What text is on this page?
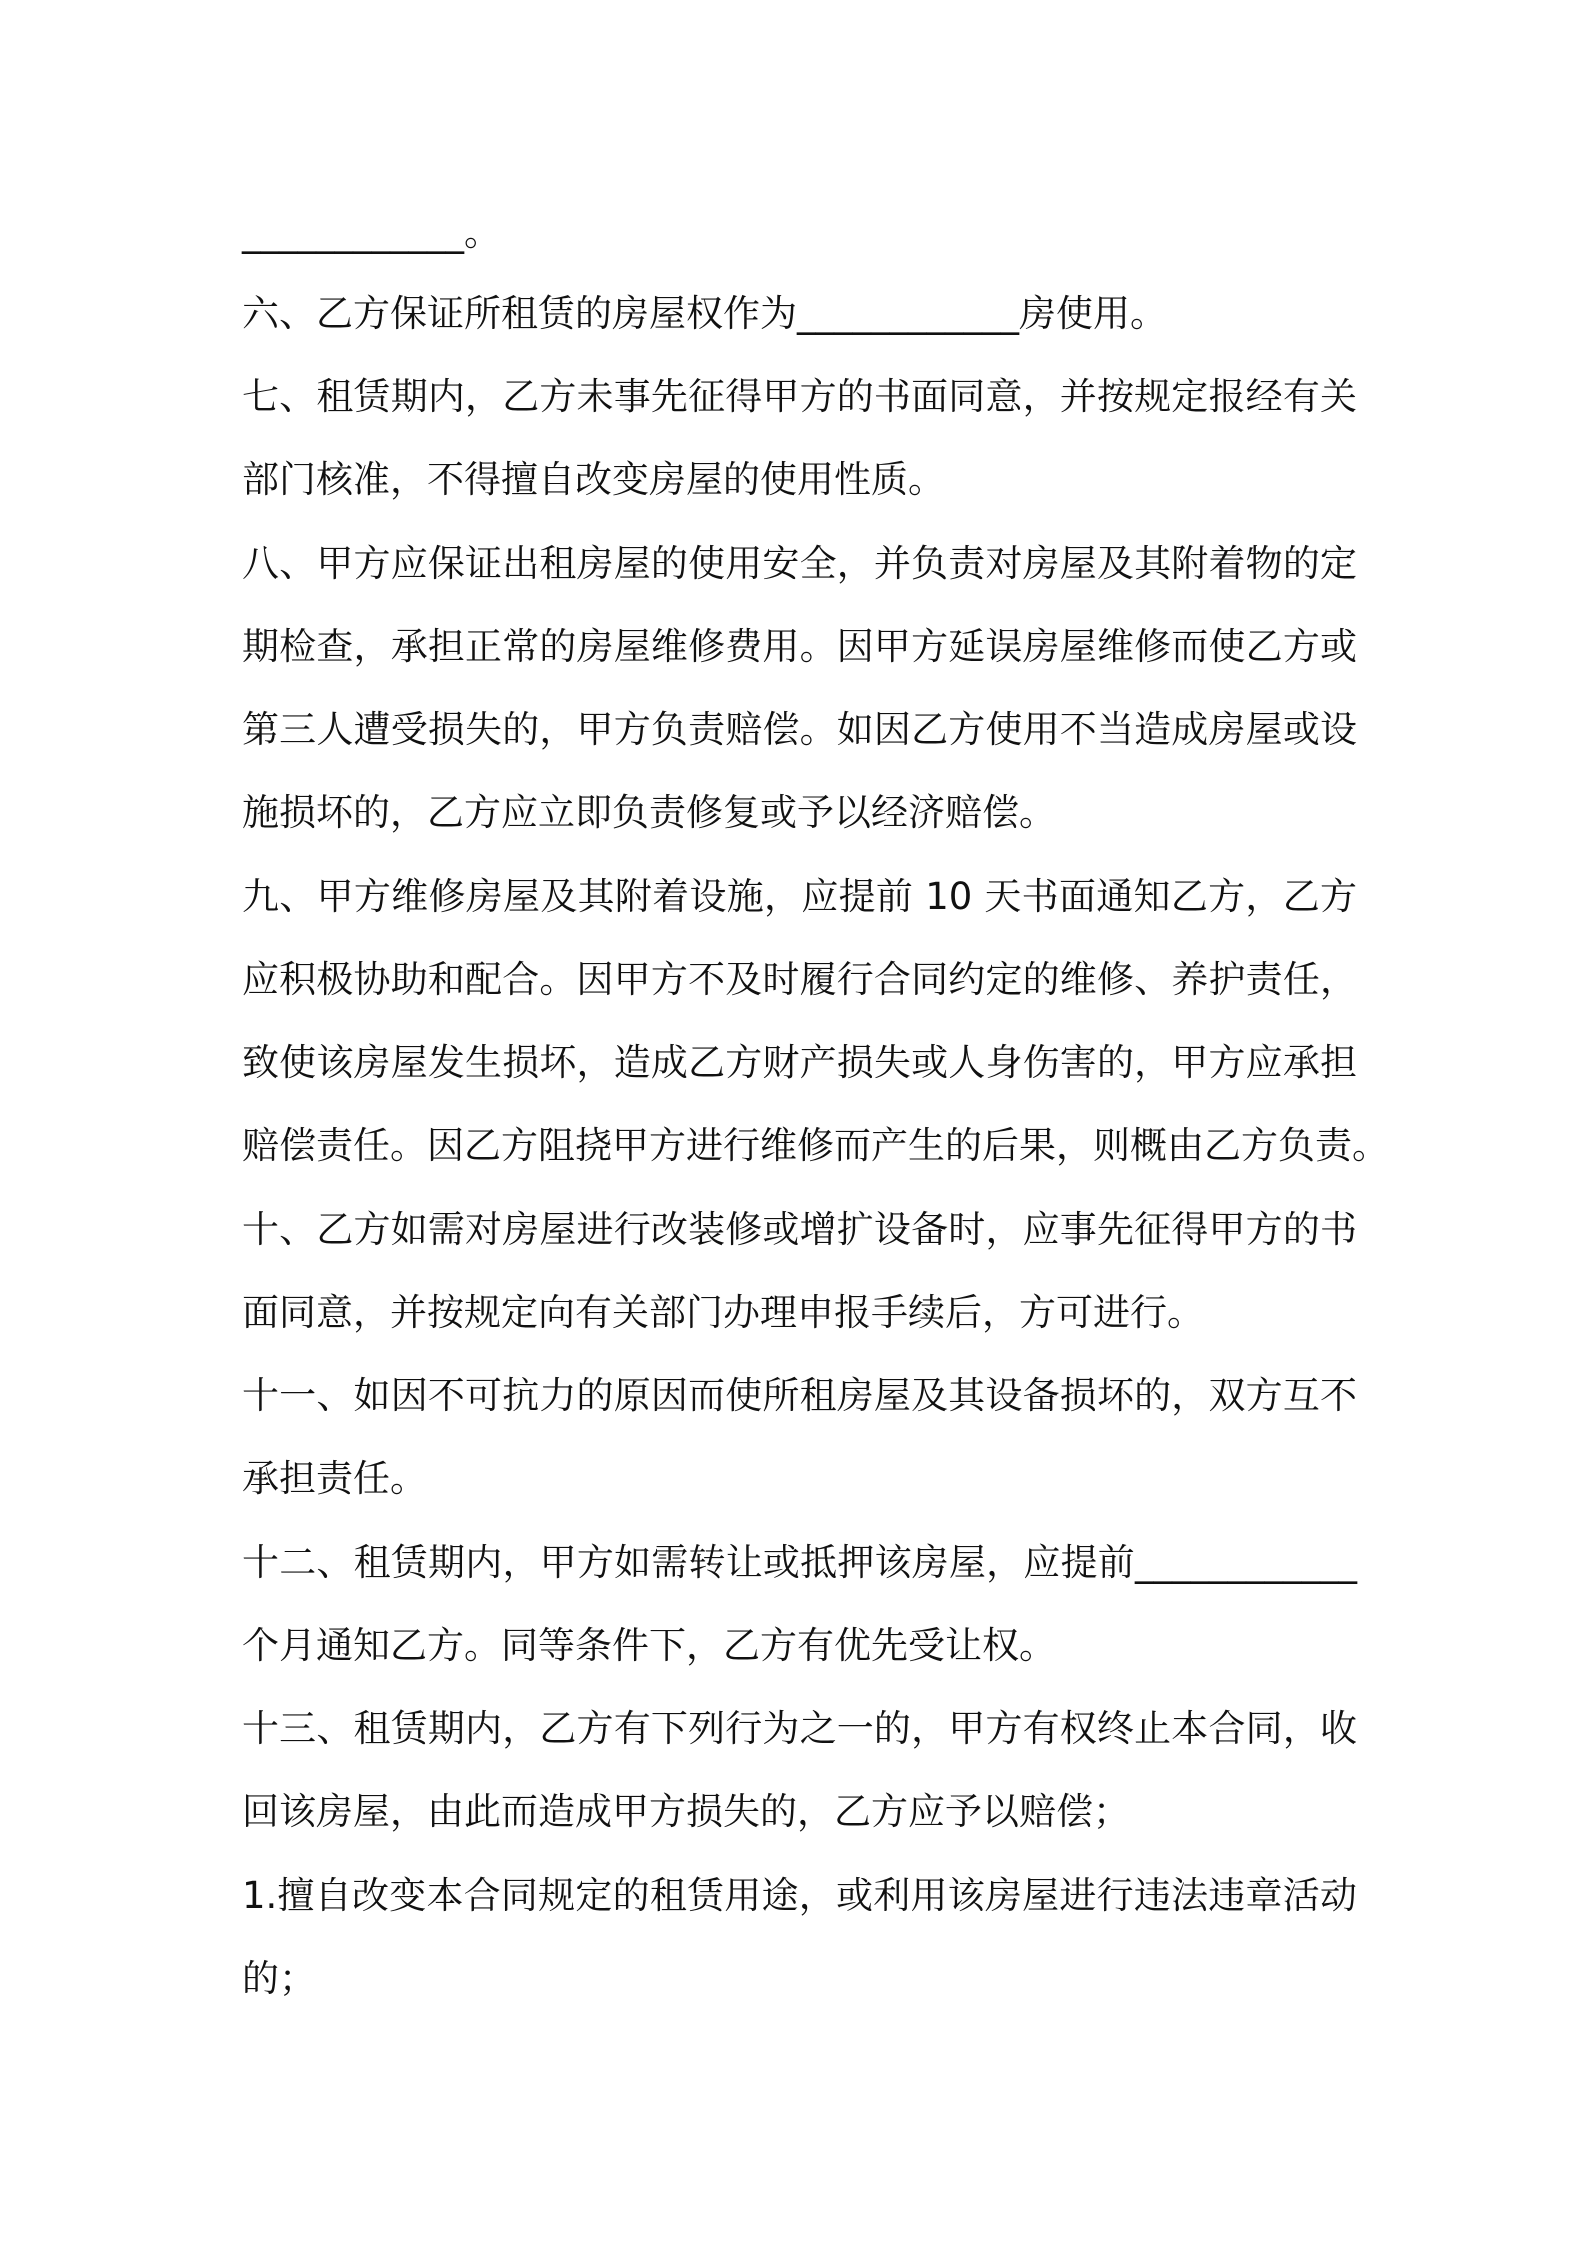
____________。
六、乙方保证所租赁的房屋权作为____________房使用。
七、租赁期内，乙方未事先征得甲方的书面同意，并按规定报经有关
部门核准，不得擅自改变房屋的使用性质。
八、甲方应保证出租房屋的使用安全，并负责对房屋及其附着物的定
期检查，承担正常的房屋维修费用。因甲方延误房屋维修而使乙方或
第三人遭受损失的，甲方负责赔偿。如因乙方使用不当造成房屋或设
施损坏的，乙方应立即负责修复或予以经济赔偿。
九、甲方维修房屋及其附着设施，应提前 10 天书面通知乙方，乙方
应积极协助和配合。因甲方不及时履行合同约定的维修、养护责任，
致使该房屋发生损坏，造成乙方财产损失或人身伤害的，甲方应承担
赔偿责任。因乙方阻挠甲方进行维修而产生的后果，则概由乙方负责。
十、乙方如需对房屋进行改装修或增扩设备时，应事先征得甲方的书
面同意，并按规定向有关部门办理申报手续后，方可进行。
十一、如因不可抗力的原因而使所租房屋及其设备损坏的，双方互不
承担责任。
十二、租赁期内，甲方如需转让或抵押该房屋，应提前____________
个月通知乙方。同等条件下，乙方有优先受让权。
十三、租赁期内，乙方有下列行为之一的，甲方有权终止本合同，收
回该房屋，由此而造成甲方损失的，乙方应予以赔偿；
1.擅自改变本合同规定的租赁用途，或利用该房屋进行违法违章活动
的；
